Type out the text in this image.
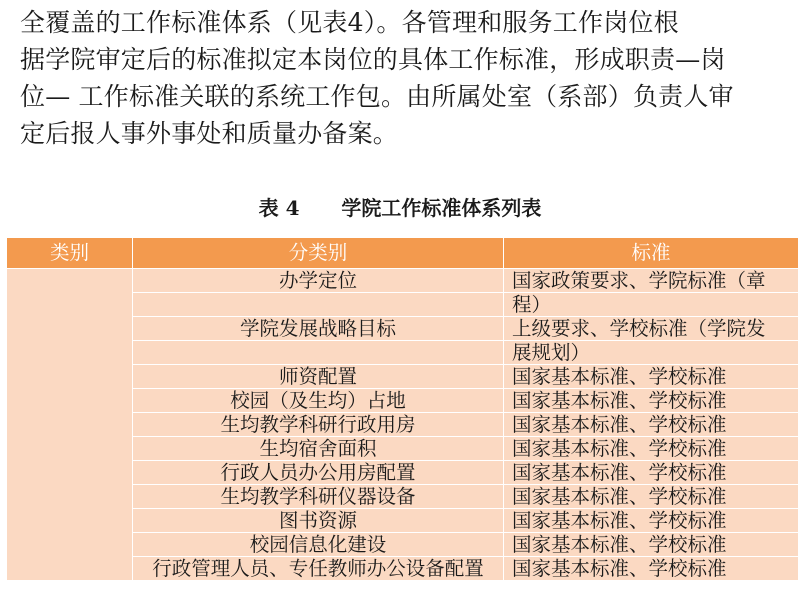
全覆盖的工作标准体系（见表4）。各管理和服务工作岗位根
据学院审定后的标准拟定本岗位的具体工作标准，形成职责—岗
位— 工作标准关联的系统工作包。由所属处室（系部）负责人审
定后报人事外事处和质量办备案。
表 4      学院工作标准体系列表
类别	分类别	标准
	办学定位	国家政策要求、学院标准（章
		程）
	学院发展战略目标	上级要求、学校标准（学院发
		展规划）
	师资配置	国家基本标准、学校标准
	校园（及生均）占地	国家基本标准、学校标准
	生均教学科研行政用房	国家基本标准、学校标准
	生均宿舍面积	国家基本标准、学校标准
	行政人员办公用房配置	国家基本标准、学校标准
	生均教学科研仪器设备	国家基本标准、学校标准
	图书资源	国家基本标准、学校标准
	校园信息化建设	国家基本标准、学校标准
	行政管理人员、专任教师办公设备配置	国家基本标准、学校标准
